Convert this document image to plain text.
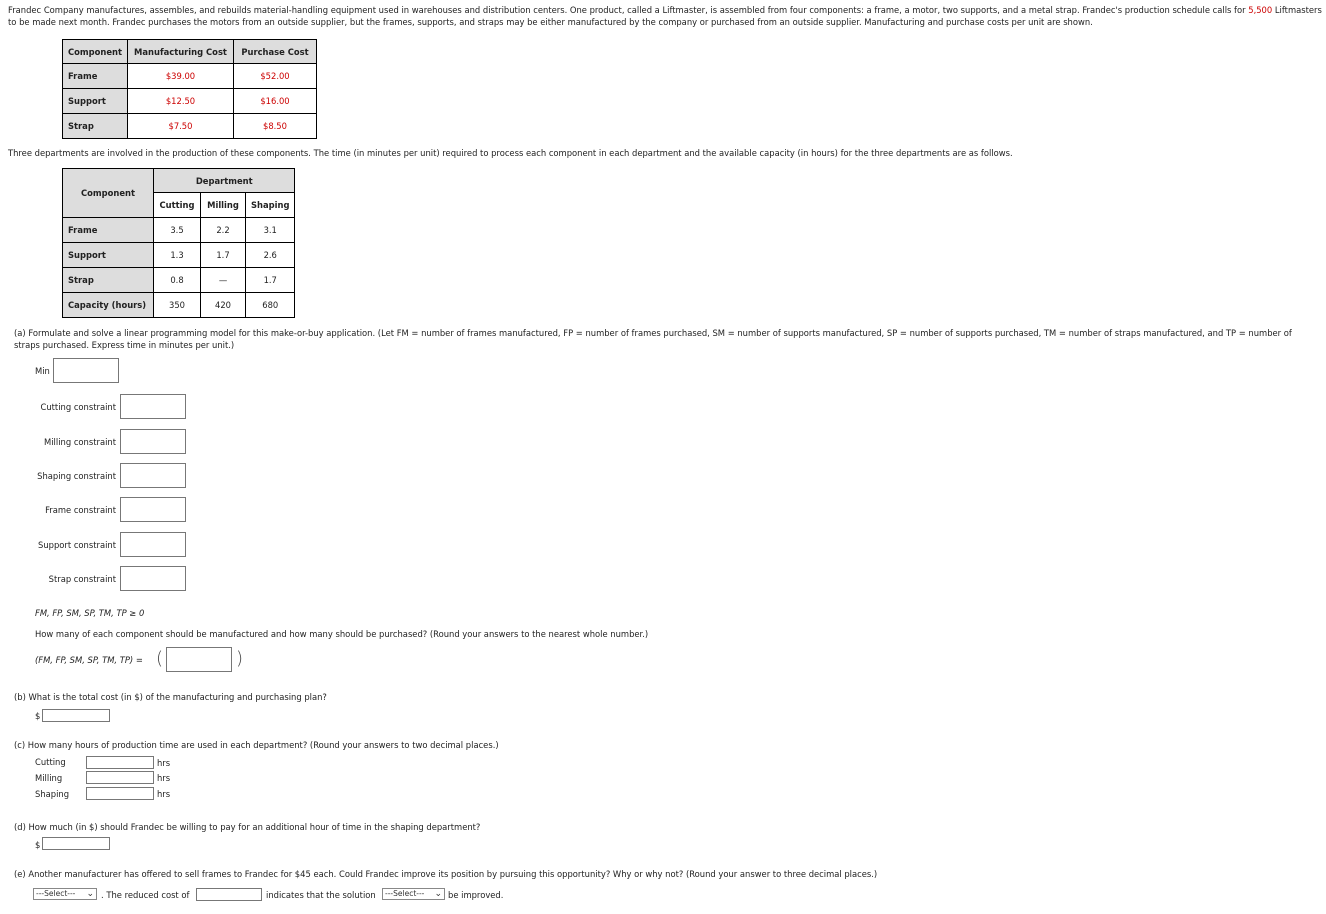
Frandec Company manufactures, assembles, and rebuilds material-handling equipment used in warehouses and distribution centers. One product, called a Liftmaster, is assembled from four components: a frame, a motor, two supports, and a metal strap. Frandec's production schedule calls for 5,500 Liftmasters to be made next month. Frandec purchases the motors from an outside supplier, but the frames, supports, and straps may be either manufactured by the company or purchased from an outside supplier. Manufacturing and purchase costs per unit are shown.

Component	Manufacturing Cost	Purchase Cost
Frame	$39.00	$52.00
Support	$12.50	$16.00
Strap	$7.50	$8.50

Three departments are involved in the production of these components. The time (in minutes per unit) required to process each component in each department and the available capacity (in hours) for the three departments are as follows.

Component	Department		
	Cutting	Milling	Shaping
Frame	3.5	2.2	3.1
Support	1.3	1.7	2.6
Strap	0.8	—	1.7
Capacity (hours)	350	420	680

(a) Formulate and solve a linear programming model for this make-or-buy application. (Let FM = number of frames manufactured, FP = number of frames purchased, SM = number of supports manufactured, SP = number of supports purchased, TM = number of straps manufactured, and TP = number of straps purchased. Express time in minutes per unit.)

Min
Cutting constraint
Milling constraint
Shaping constraint
Frame constraint
Support constraint
Strap constraint
FM, FP, SM, SP, TM, TP ≥ 0
How many of each component should be manufactured and how many should be purchased? (Round your answers to the nearest whole number.)
(FM, FP, SM, SP, TM, TP) = (	)
(b) What is the total cost (in $) of the manufacturing and purchasing plan?
$
(c) How many hours of production time are used in each department? (Round your answers to two decimal places.)
Cutting	hrs
Milling	hrs
Shaping	hrs
(d) How much (in $) should Frandec be willing to pay for an additional hour of time in the shaping department?
$
(e) Another manufacturer has offered to sell frames to Frandec for $45 each. Could Frandec improve its position by pursuing this opportunity? Why or why not? (Round your answer to three decimal places.)
---Select--- ⌄ . The reduced cost of	indicates that the solution	---Select--- ⌄ be improved.
